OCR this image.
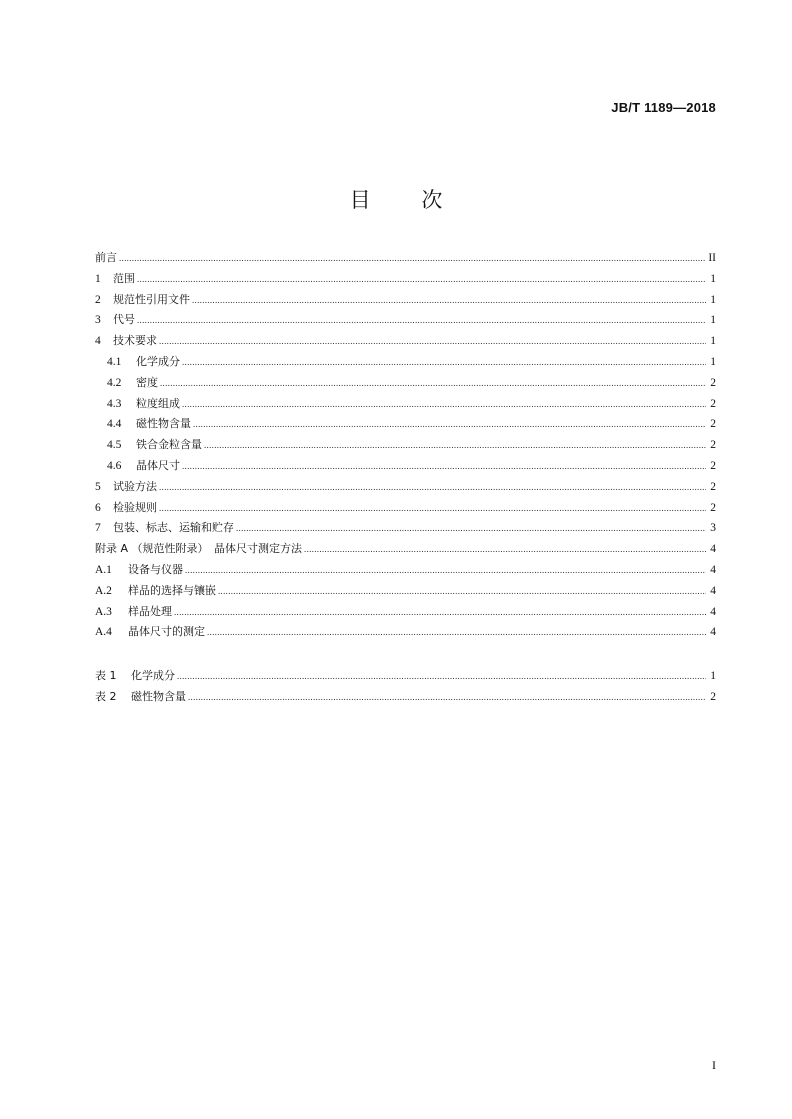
JB/T 1189—2018
目 次
前言 .....	II
1	范围 .....	1
2	规范性引用文件 .....	1
3	代号 .....	1
4	技术要求 .....	1
4.1	化学成分 .....	1
4.2	密度 .....	2
4.3	粒度组成 .....	2
4.4	磁性物含量 .....	2
4.5	铁合金粒含量 .....	2
4.6	晶体尺寸 .....	2
5	试验方法 .....	2
6	检验规则 .....	2
7	包装、标志、运输和贮存 .....	3
附录 A （规范性附录）　晶体尺寸测定方法 .....	4
A.1	设备与仪器 .....	4
A.2	样品的选择与镶嵌 .....	4
A.3	样品处理 .....	4
A.4	晶体尺寸的测定 .....	4
表 1	化学成分 .....	1
表 2	磁性物含量 .....	2
I
